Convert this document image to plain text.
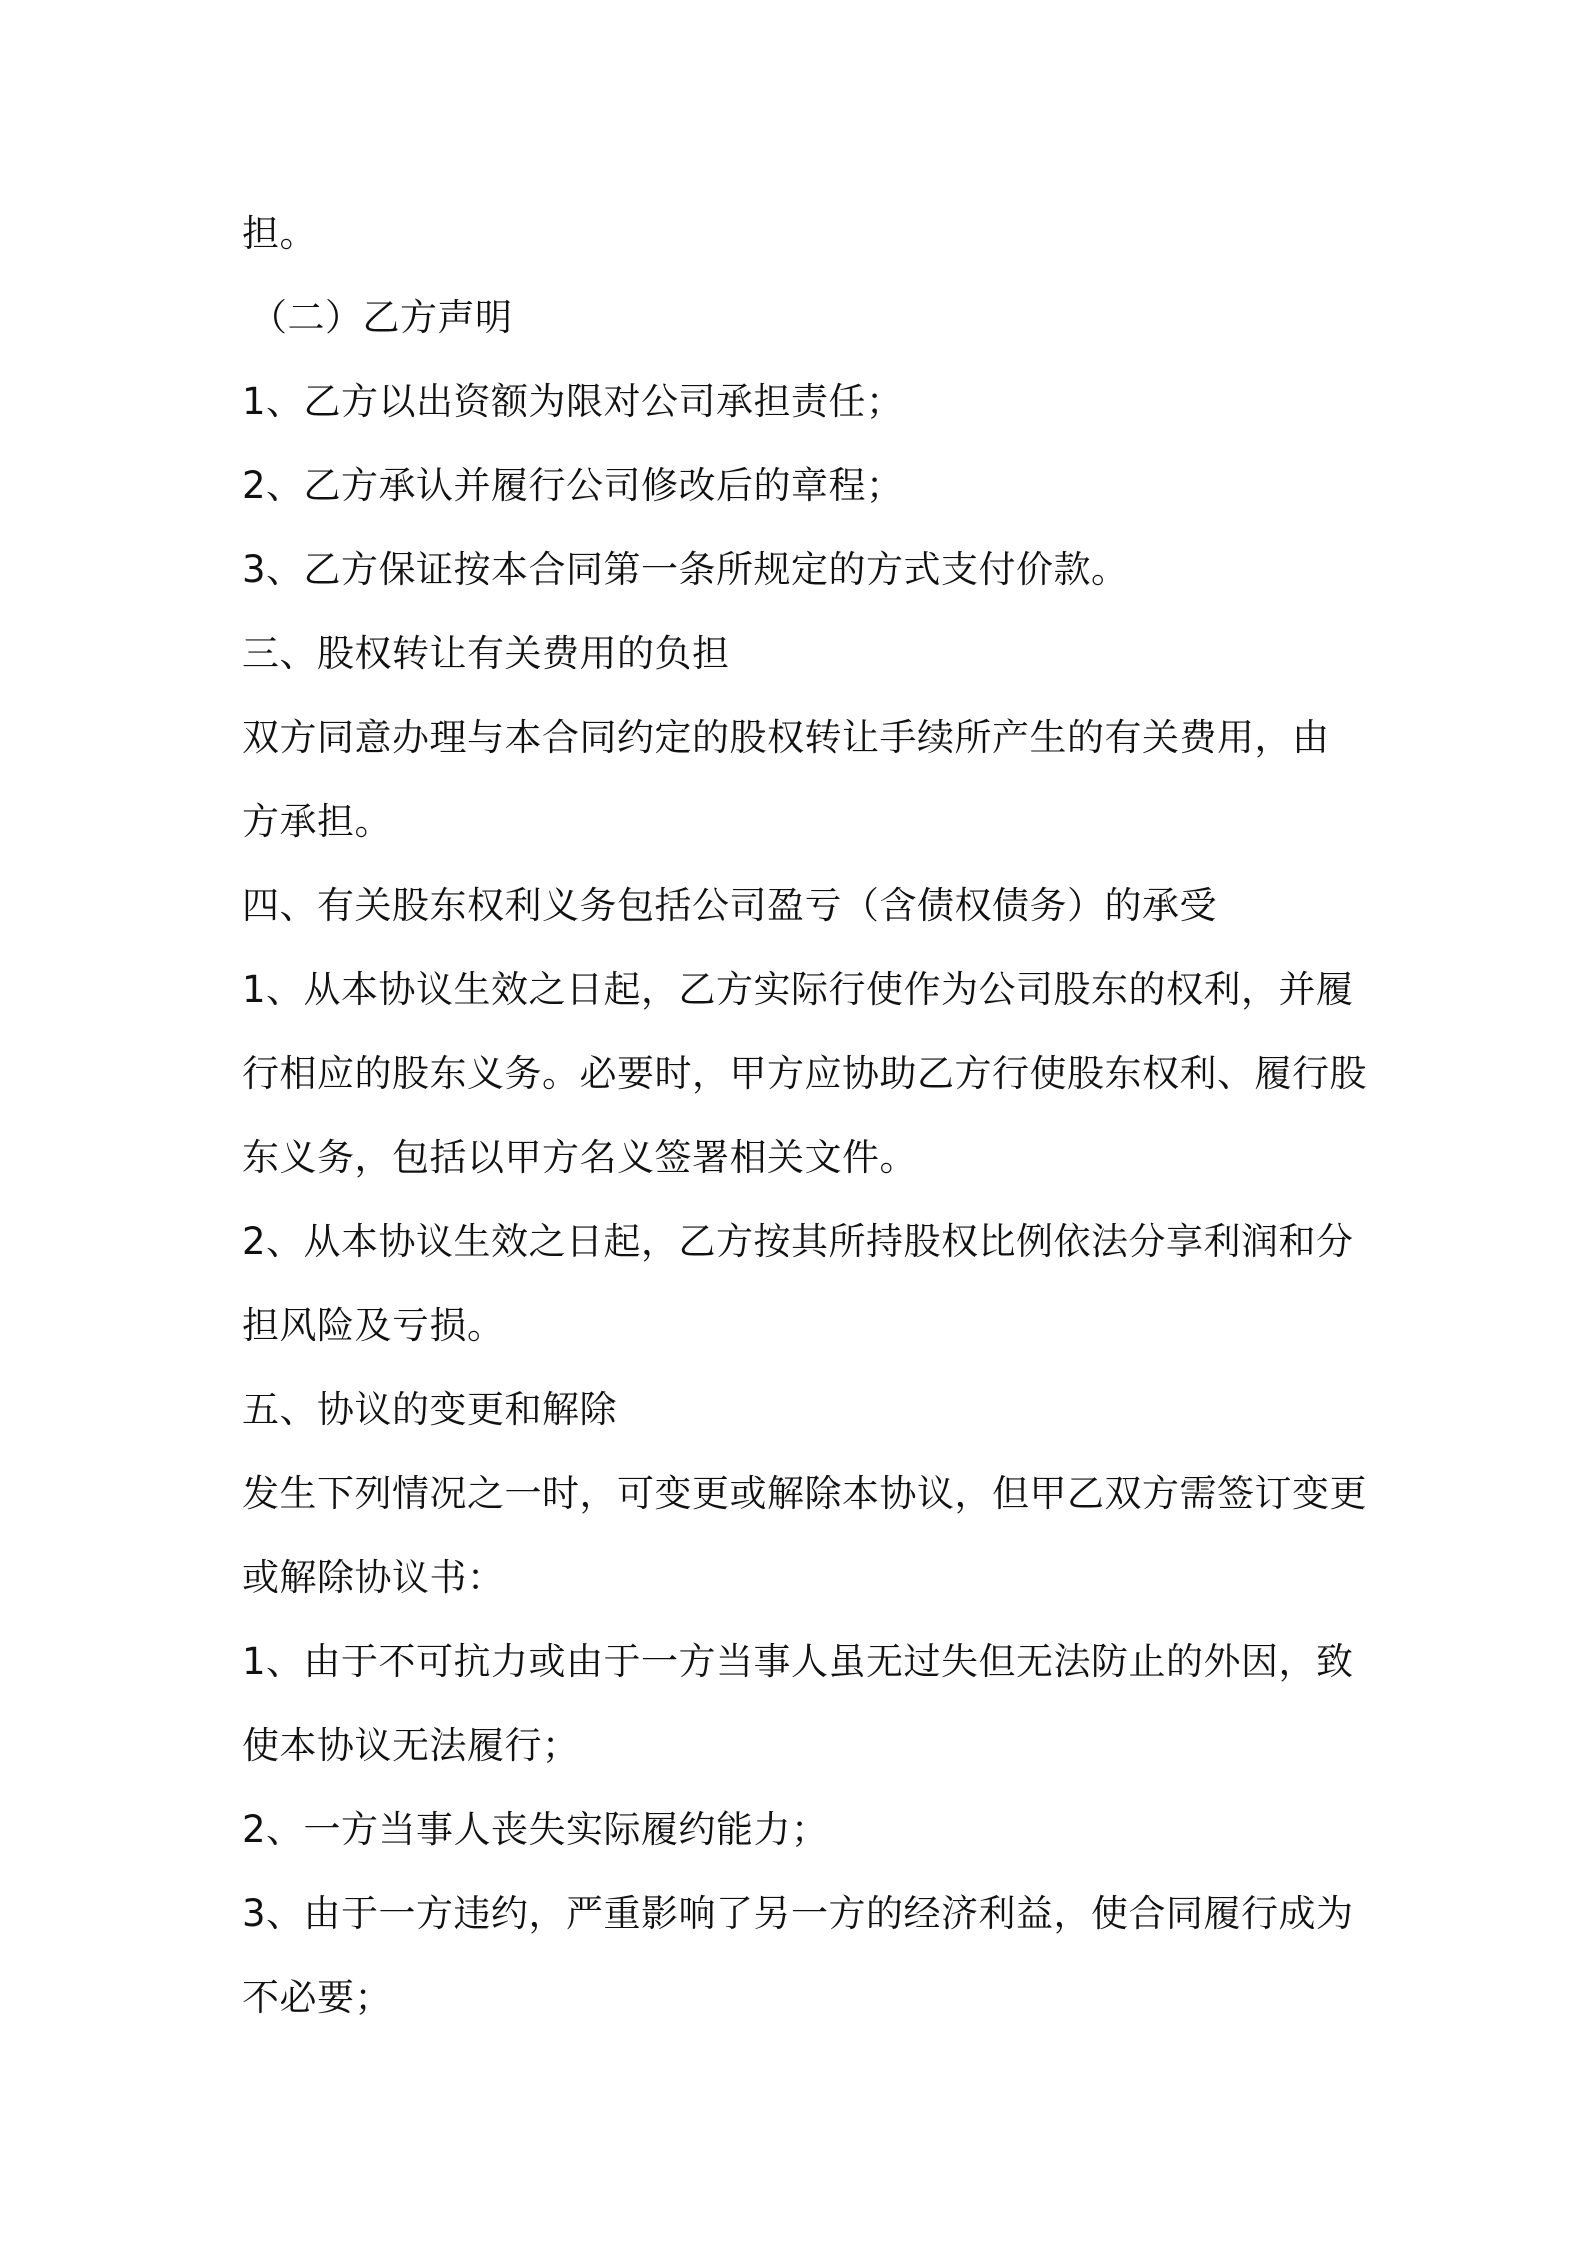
担。
（二）乙方声明
1、乙方以出资额为限对公司承担责任；
2、乙方承认并履行公司修改后的章程；
3、乙方保证按本合同第一条所规定的方式支付价款。
三、股权转让有关费用的负担
双方同意办理与本合同约定的股权转让手续所产生的有关费用，由
方承担。
四、有关股东权利义务包括公司盈亏（含债权债务）的承受
1、从本协议生效之日起，乙方实际行使作为公司股东的权利，并履
行相应的股东义务。必要时，甲方应协助乙方行使股东权利、履行股
东义务，包括以甲方名义签署相关文件。
2、从本协议生效之日起，乙方按其所持股权比例依法分享利润和分
担风险及亏损。
五、协议的变更和解除
发生下列情况之一时，可变更或解除本协议，但甲乙双方需签订变更
或解除协议书：
1、由于不可抗力或由于一方当事人虽无过失但无法防止的外因，致
使本协议无法履行；
2、一方当事人丧失实际履约能力；
3、由于一方违约，严重影响了另一方的经济利益，使合同履行成为
不必要；
